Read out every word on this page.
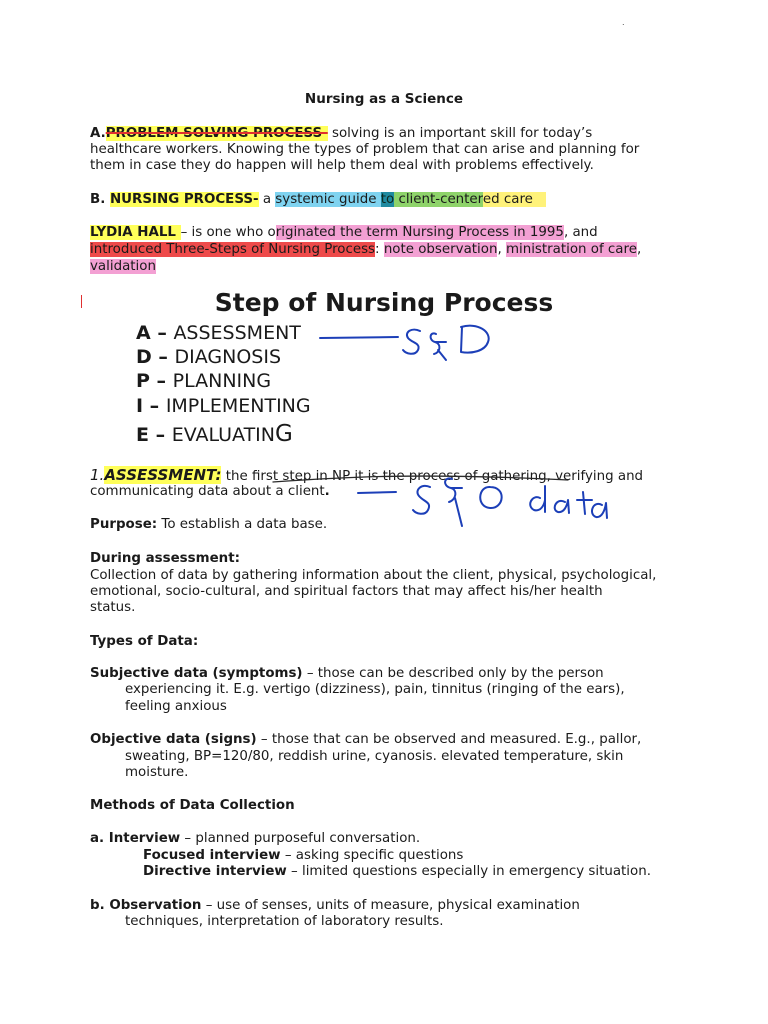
.
Nursing as a Science
A.PROBLEM SOLVING PROCESS- solving is an important skill for today’s
healthcare workers. Knowing the types of problem that can arise and planning for
them in case they do happen will help them deal with problems effectively.
B. NURSING PROCESS- a systemic guide to client-centered care
LYDIA HALL – is one who originated the term Nursing Process in 1995, and
introduced Three-Steps of Nursing Process: note observation, ministration of care,
validation
Step of Nursing Process
A – ASSESSMENT
D – DIAGNOSIS
P – PLANNING
I – IMPLEMENTING
E – EVALUATING
1.ASSESSMENT: the first step in NP it is the process of gathering, verifying and
communicating data about a client.
Purpose: To establish a data base.
During assessment:
Collection of data by gathering information about the client, physical, psychological,
emotional, socio-cultural, and spiritual factors that may affect his/her health
status.
Types of Data:
Subjective data (symptoms) – those can be described only by the person
experiencing it. E.g. vertigo (dizziness), pain, tinnitus (ringing of the ears),
feeling anxious
Objective data (signs) – those that can be observed and measured. E.g., pallor,
sweating, BP=120/80, reddish urine, cyanosis. elevated temperature, skin
moisture.
Methods of Data Collection
a. Interview – planned purposeful conversation.
Focused interview – asking specific questions
Directive interview – limited questions especially in emergency situation.
b. Observation – use of senses, units of measure, physical examination
techniques, interpretation of laboratory results.
